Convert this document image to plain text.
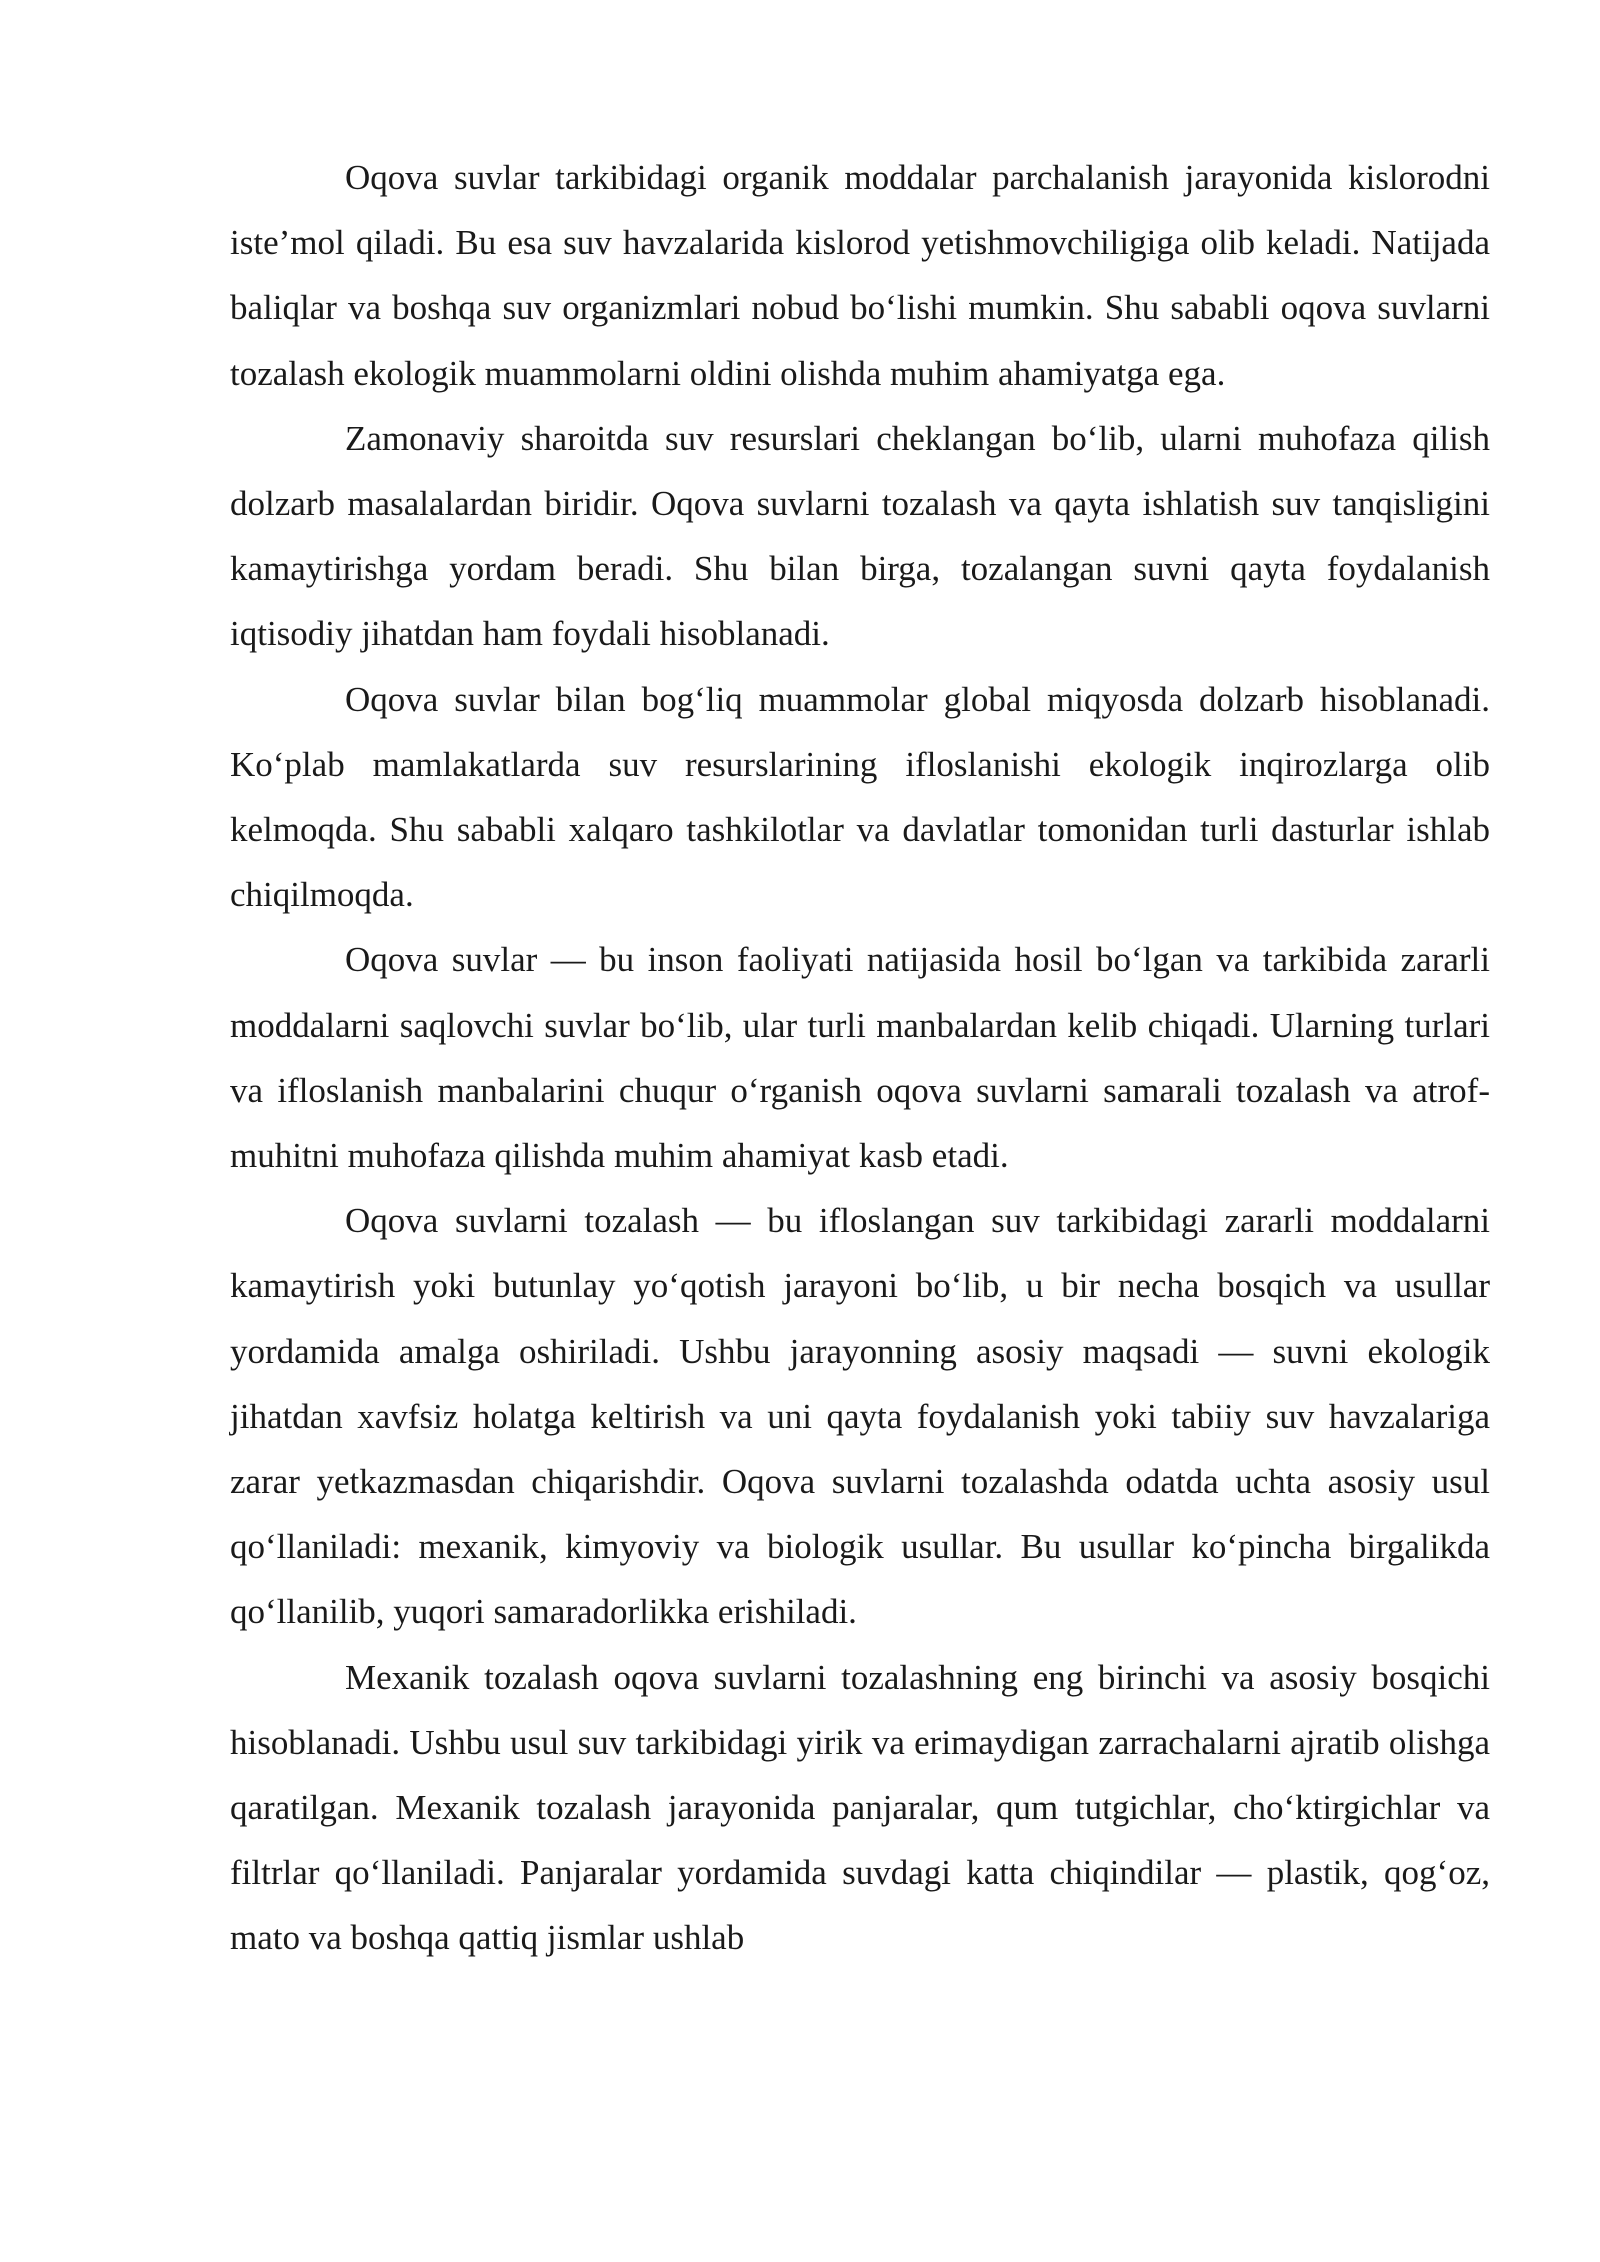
Oqova suvlar tarkibidagi organik moddalar parchalanish jarayonida kislorodni iste’mol qiladi. Bu esa suv havzalarida kislorod yetishmovchiligiga olib keladi. Natijada baliqlar va boshqa suv organizmlari nobud bo‘lishi mumkin. Shu sababli oqova suvlarni tozalash ekologik muammolarni oldini olishda muhim ahamiyatga ega.

Zamonaviy sharoitda suv resurslari cheklangan bo‘lib, ularni muhofaza qilish dolzarb masalalardan biridir. Oqova suvlarni tozalash va qayta ishlatish suv tanqisligini kamaytirishga yordam beradi. Shu bilan birga, tozalangan suvni qayta foydalanish iqtisodiy jihatdan ham foydali hisoblanadi.

Oqova suvlar bilan bog‘liq muammolar global miqyosda dolzarb hisoblanadi. Ko‘plab mamlakatlarda suv resurslarining ifloslanishi ekologik inqirozlarga olib kelmoqda. Shu sababli xalqaro tashkilotlar va davlatlar tomonidan turli dasturlar ishlab chiqilmoqda.

Oqova suvlar — bu inson faoliyati natijasida hosil bo‘lgan va tarkibida zararli moddalarni saqlovchi suvlar bo‘lib, ular turli manbalardan kelib chiqadi. Ularning turlari va ifloslanish manbalarini chuqur o‘rganish oqova suvlarni samarali tozalash va atrof-muhitni muhofaza qilishda muhim ahamiyat kasb etadi.

Oqova suvlarni tozalash — bu ifloslangan suv tarkibidagi zararli moddalarni kamaytirish yoki butunlay yo‘qotish jarayoni bo‘lib, u bir necha bosqich va usullar yordamida amalga oshiriladi. Ushbu jarayonning asosiy maqsadi — suvni ekologik jihatdan xavfsiz holatga keltirish va uni qayta foydalanish yoki tabiiy suv havzalariga zarar yetkazmasdan chiqarishdir. Oqova suvlarni tozalashda odatda uchta asosiy usul qo‘llaniladi: mexanik, kimyoviy va biologik usullar. Bu usullar ko‘pincha birgalikda qo‘llanilib, yuqori samaradorlikka erishiladi.

Mexanik tozalash oqova suvlarni tozalashning eng birinchi va asosiy bosqichi hisoblanadi. Ushbu usul suv tarkibidagi yirik va erimaydigan zarrachalarni ajratib olishga qaratilgan. Mexanik tozalash jarayonida panjaralar, qum tutgichlar, cho‘ktirgichlar va filtrlar qo‘llaniladi. Panjaralar yordamida suvdagi katta chiqindilar — plastik, qog‘oz, mato va boshqa qattiq jismlar ushlab
